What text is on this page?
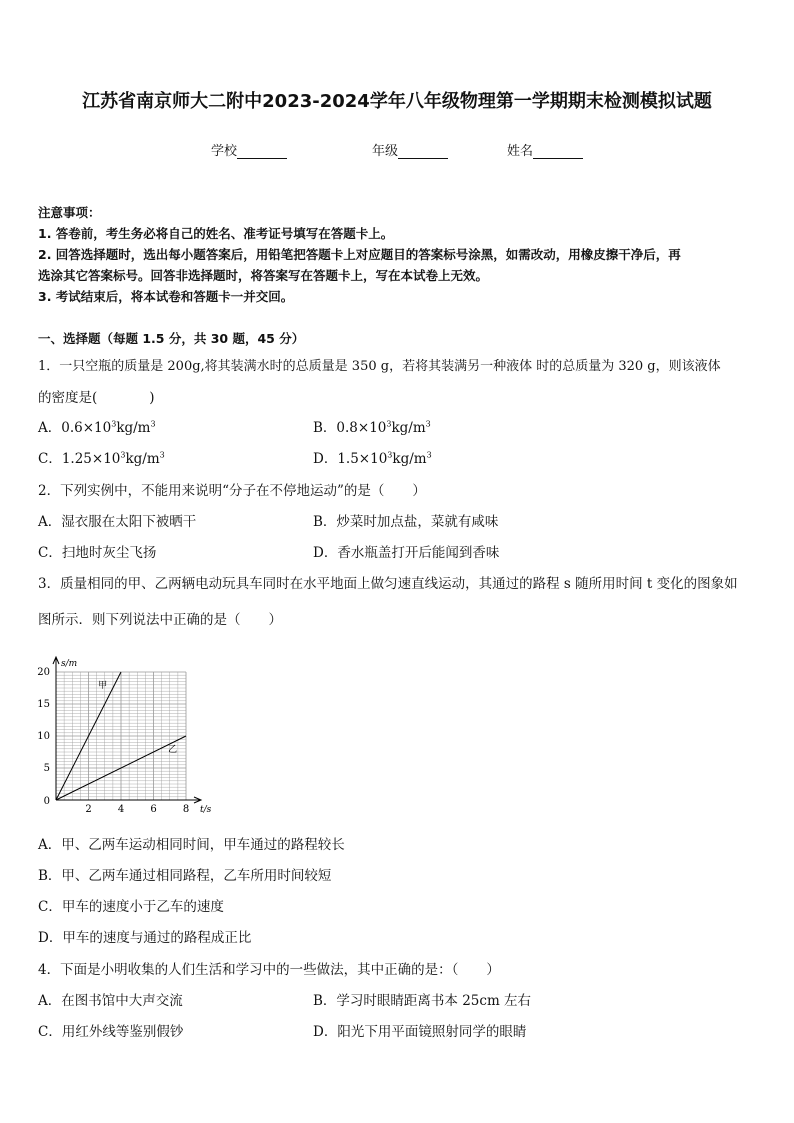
江苏省南京师大二附中2023-2024学年八年级物理第一学期期末检测模拟试题
学校	年级	姓名
注意事项：
1. 答卷前，考生务必将自己的姓名、准考证号填写在答题卡上。
2. 回答选择题时，选出每小题答案后，用铅笔把答题卡上对应题目的答案标号涂黑，如需改动，用橡皮擦干净后，再
选涂其它答案标号。回答非选择题时，将答案写在答题卡上，写在本试卷上无效。
3. 考试结束后，将本试卷和答题卡一并交回。
一、选择题（每题 1.5 分，共 30 题，45 分）
1．一只空瓶的质量是 200g,将其装满水时的总质量是 350 g，若将其装满另一种液体 时的总质量为 320 g，则该液体
的密度是(	)
A．$0.6\times 10^3kg/m^3$	B．$0.8\times 10^3kg/m^3$
C．$1.25\times 10^3kg/m^3$	D．$1.5\times 10^3kg/m^3$
2．下列实例中，不能用来说明“分子在不停地运动”的是（ ）
A．湿衣服在太阳下被晒干	B．炒菜时加点盐，菜就有咸味
C．扫地时灰尘飞扬	D．香水瓶盖打开后能闻到香味
3．质量相同的甲、乙两辆电动玩具车同时在水平地面上做匀速直线运动，其通过的路程 s 随所用时间 t 变化的图象如
图所示．则下列说法中正确的是（ ）
2	4	6	8
5
10
15
20
0
t/s
s/m
甲
乙
A．甲、乙两车运动相同时间，甲车通过的路程较长
B．甲、乙两车通过相同路程，乙车所用时间较短
C．甲车的速度小于乙车的速度
D．甲车的速度与通过的路程成正比
4．下面是小明收集的人们生活和学习中的一些做法，其中正确的是：（ ）
A．在图书馆中大声交流	B．学习时眼睛距离书本 25cm 左右
C．用红外线等鉴别假钞	D．阳光下用平面镜照射同学的眼睛
